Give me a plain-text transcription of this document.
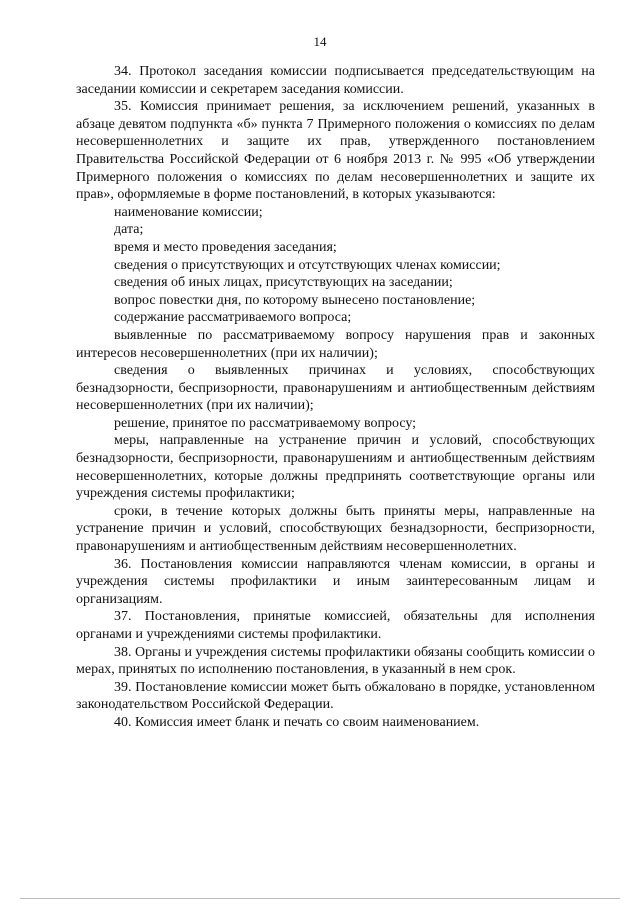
14

34. Протокол заседания комиссии подписывается председательствующим на заседании комиссии и секретарем заседания комиссии.

35. Комиссия принимает решения, за исключением решений, указанных в абзаце девятом подпункта «б» пункта 7 Примерного положения о комиссиях по делам несовершеннолетних и защите их прав, утвержденного постановлением Правительства Российской Федерации от 6 ноября 2013 г. № 995 «Об утверждении Примерного положения о комиссиях по делам несовершеннолетних и защите их прав», оформляемые в форме постановлений, в которых указываются:

наименование комиссии;

дата;

время и место проведения заседания;

сведения о присутствующих и отсутствующих членах комиссии;

сведения об иных лицах, присутствующих на заседании;

вопрос повестки дня, по которому вынесено постановление;

содержание рассматриваемого вопроса;

выявленные по рассматриваемому вопросу нарушения прав и законных интересов несовершеннолетних (при их наличии);

сведения о выявленных причинах и условиях, способствующих безнадзорности, беспризорности, правонарушениям и антиобщественным действиям несовершеннолетних (при их наличии);

решение, принятое по рассматриваемому вопросу;

меры, направленные на устранение причин и условий, способствующих безнадзорности, беспризорности, правонарушениям и антиобщественным действиям несовершеннолетних, которые должны предпринять соответствующие органы или учреждения системы профилактики;

сроки, в течение которых должны быть приняты меры, направленные на устранение причин и условий, способствующих безнадзорности, беспризорности, правонарушениям и антиобщественным действиям несовершеннолетних.

36. Постановления комиссии направляются членам комиссии, в органы и учреждения системы профилактики и иным заинтересованным лицам и организациям.

37. Постановления, принятые комиссией, обязательны для исполнения органами и учреждениями системы профилактики.

38. Органы и учреждения системы профилактики обязаны сообщить комиссии о мерах, принятых по исполнению постановления, в указанный в нем срок.

39. Постановление комиссии может быть обжаловано в порядке, установленном законодательством Российской Федерации.

40. Комиссия имеет бланк и печать со своим наименованием.
